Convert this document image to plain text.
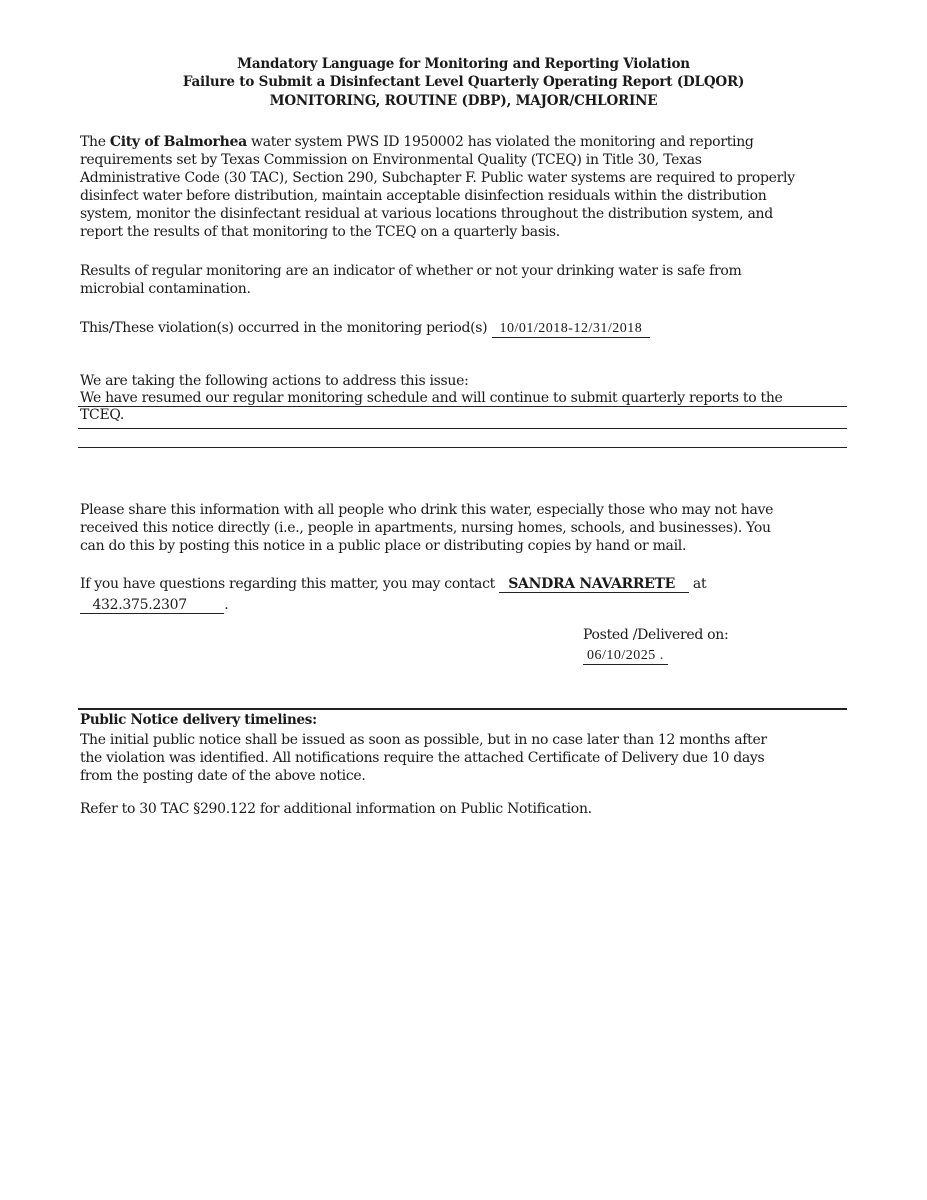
Mandatory Language for Monitoring and Reporting Violation
Failure to Submit a Disinfectant Level Quarterly Operating Report (DLQOR)
MONITORING, ROUTINE (DBP), MAJOR/CHLORINE
The City of Balmorhea water system PWS ID 1950002 has violated the monitoring and reporting
requirements set by Texas Commission on Environmental Quality (TCEQ) in Title 30, Texas
Administrative Code (30 TAC), Section 290, Subchapter F. Public water systems are required to properly
disinfect water before distribution, maintain acceptable disinfection residuals within the distribution
system, monitor the disinfectant residual at various locations throughout the distribution system, and
report the results of that monitoring to the TCEQ on a quarterly basis.
Results of regular monitoring are an indicator of whether or not your drinking water is safe from
microbial contamination.
This/These violation(s) occurred in the monitoring period(s)   10/01/2018-12/31/2018
We are taking the following actions to address this issue:
We have resumed our regular monitoring schedule and will continue to submit quarterly reports to the
TCEQ.
Please share this information with all people who drink this water, especially those who may not have
received this notice directly (i.e., people in apartments, nursing homes, schools, and businesses). You
can do this by posting this notice in a public place or distributing copies by hand or mail.
If you have questions regarding this matter, you may contact   SANDRA NAVARRETE    at
432.375.2307	.
Posted /Delivered on:
06/10/2025 .
Public Notice delivery timelines:
The initial public notice shall be issued as soon as possible, but in no case later than 12 months after
the violation was identified. All notifications require the attached Certificate of Delivery due 10 days
from the posting date of the above notice.
Refer to 30 TAC §290.122 for additional information on Public Notification.
